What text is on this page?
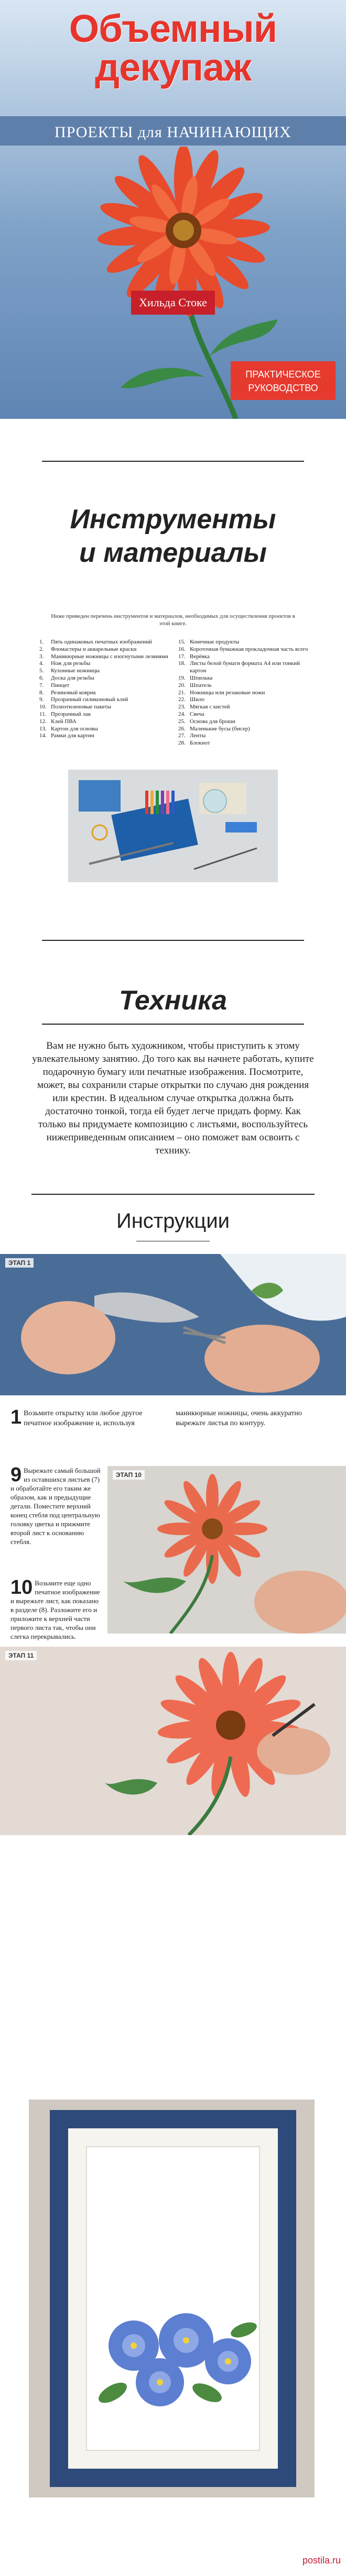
Объемный
декупаж
ПРОЕКТЫ для НАЧИНАЮЩИХ
Хильда Стоке
ПРАКТИЧЕСКОЕ
РУКОВОДСТВО
Инструменты
и материалы
Ниже приведен перечень инструментов и материалов, необходимых для осуществления проектов в этой книге.
1.	Пять одинаковых печатных изображений
2.	Фломастеры и акварельные краски
3.	Маникюрные ножницы с изогнутыми лезвиями
4.	Нож для резьбы
5.	Кухонные ножницы
6.	Доска для резьбы
7.	Пинцет
8.	Резиновый коврик
9.	Прозрачный силиконовый клей
10. Полиэтиленовые пакеты
11. Прозрачный лак
12. Клей ПВА
13. Картон для основы
14. Рамки для картин
15. Конечные продукты
16. Короточная бумажная прокладочная часть всего
17. Верёвка
18. Листы белой бумаги формата А4 или тонкий картон
19. Шпилька
20. Шпатель
21. Ножницы или резаковые ножи
22. Шило
23. Мягкая с кистей
24. Свеча
25. Основа для броши
26. Маленькие бусы (бисер)
27. Ленты
28. Блокнот
Техника
Вам не нужно быть художником, чтобы приступить к этому увлекательному занятию. До того как вы начнете работать, купите подарочную бумагу или печатные изображения. Посмотрите, может, вы сохранили старые открытки по случаю дня рождения или крестин. В идеальном случае открытка должна быть достаточно тонкой, тогда ей будет легче придать форму. Как только вы придумаете композицию с листьями, воспользуйтесь нижеприведенным описанием – оно поможет вам освоить с технику.
Инструкции
ЭТАП 1
1 Возьмите открытку или любое другое печатное изображение и, используя
маникюрные ножницы, очень аккуратно вырежьте листья по контуру.
9 Вырежьте самый большой из оставшихся листьев (7) и обработайте его таким же образом, как и предыдущие детали. Поместите верхний конец стебля под центральную головку цветка и прижмите второй лист к основанию стебля.
10 Возьмите еще одно печатное изображение и вырежьте лист, как показано в разделе (8). Разложите его и приложите к верхней части первого листа так, чтобы они слегка перекрывались.
ЭТАП 10
ЭТАП 11
postila.ru
